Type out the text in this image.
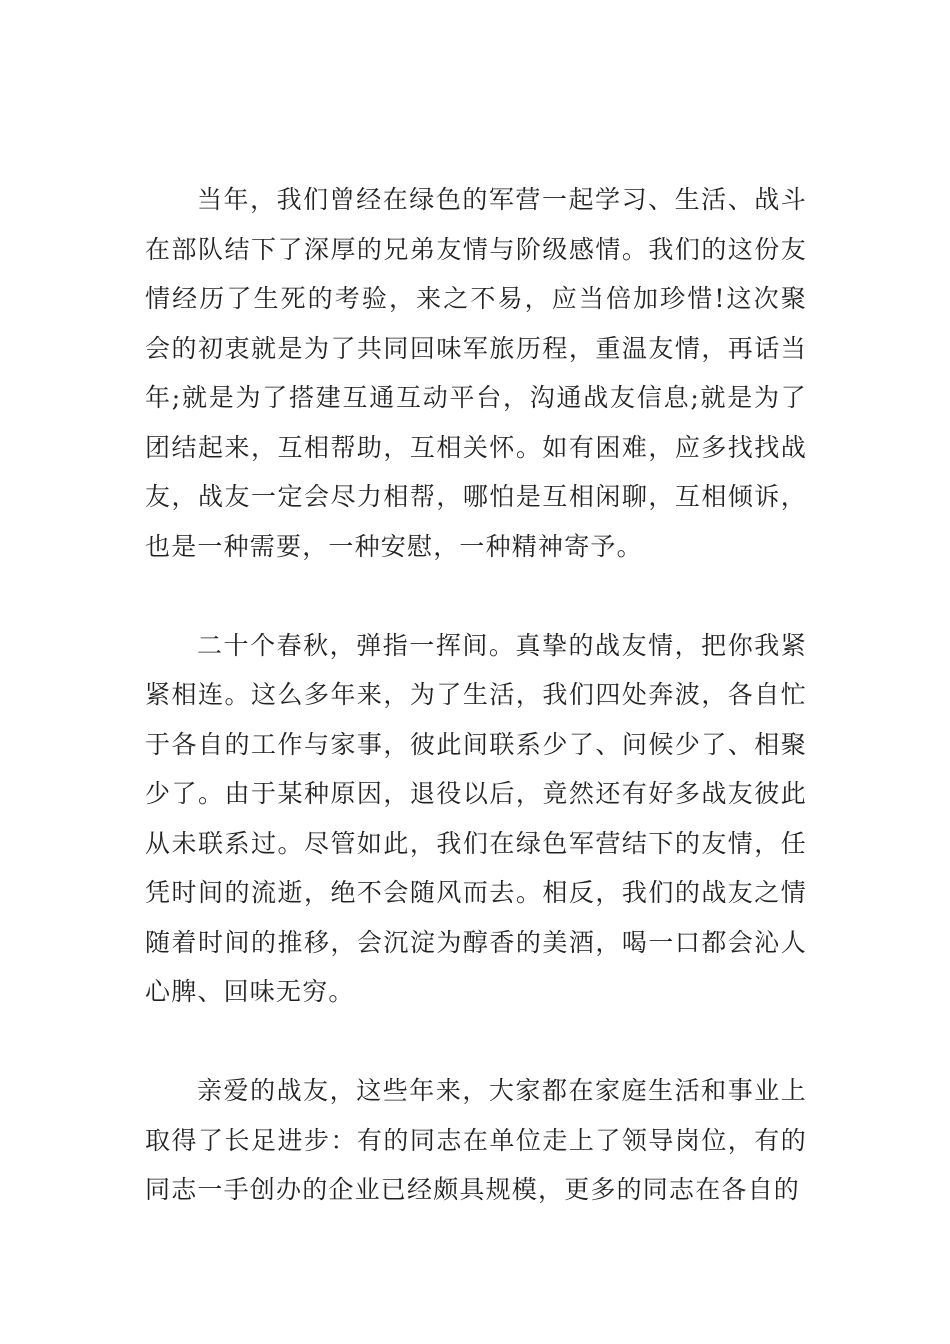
当年，我们曾经在绿色的军营一起学习、生活、战斗在部队结下了深厚的兄弟友情与阶级感情。我们的这份友情经历了生死的考验，来之不易，应当倍加珍惜!这次聚会的初衷就是为了共同回味军旅历程，重温友情，再话当年;就是为了搭建互通互动平台，沟通战友信息;就是为了团结起来，互相帮助，互相关怀。如有困难，应多找找战友，战友一定会尽力相帮，哪怕是互相闲聊，互相倾诉，也是一种需要，一种安慰，一种精神寄予。

二十个春秋，弹指一挥间。真挚的战友情，把你我紧紧相连。这么多年来，为了生活，我们四处奔波，各自忙于各自的工作与家事，彼此间联系少了、问候少了、相聚少了。由于某种原因，退役以后，竟然还有好多战友彼此从未联系过。尽管如此，我们在绿色军营结下的友情，任凭时间的流逝，绝不会随风而去。相反，我们的战友之情随着时间的推移，会沉淀为醇香的美酒，喝一口都会沁人心脾、回味无穷。

亲爱的战友，这些年来，大家都在家庭生活和事业上取得了长足进步：有的同志在单位走上了领导岗位，有的同志一手创办的企业已经颇具规模，更多的同志在各自的
